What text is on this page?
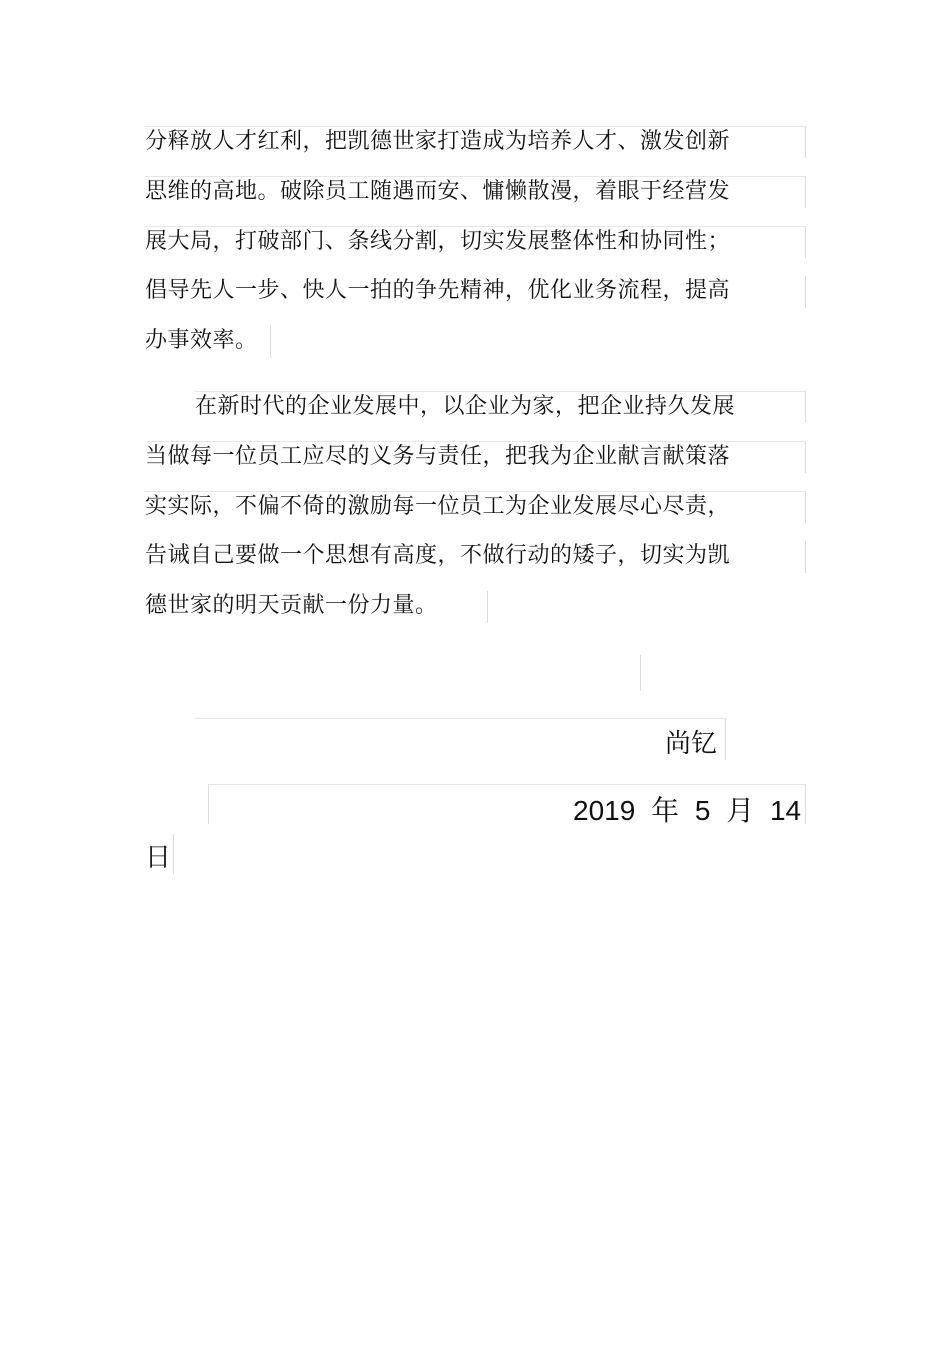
分释放人才红利，把凯德世家打造成为培养人才、激发创新
思维的高地。破除员工随遇而安、慵懒散漫，着眼于经营发
展大局，打破部门、条线分割，切实发展整体性和协同性；
倡导先人一步、快人一拍的争先精神，优化业务流程，提高
办事效率。
在新时代的企业发展中，以企业为家，把企业持久发展
当做每一位员工应尽的义务与责任，把我为企业献言献策落
实实际，不偏不倚的激励每一位员工为企业发展尽心尽责，
告诫自己要做一个思想有高度，不做行动的矮子，切实为凯
德世家的明天贡献一份力量。
尚钇
2019 年 5 月 14
日
